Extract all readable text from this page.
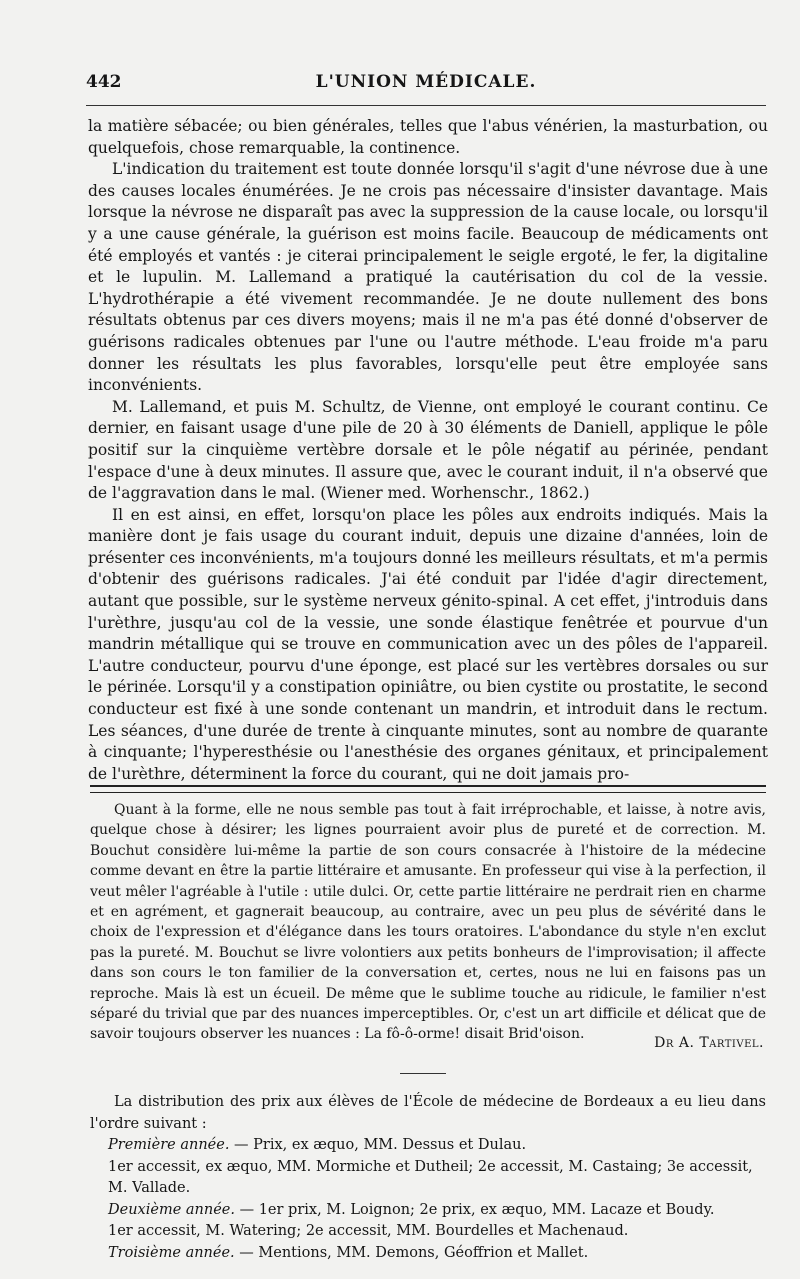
442	L'UNION MÉDICALE.

la matière sébacée; ou bien générales, telles que l'abus vénérien, la masturbation, ou quelquefois, chose remarquable, la continence.

L'indication du traitement est toute donnée lorsqu'il s'agit d'une névrose due à une des causes locales énumérées. Je ne crois pas nécessaire d'insister davantage. Mais lorsque la névrose ne disparaît pas avec la suppression de la cause locale, ou lorsqu'il y a une cause générale, la guérison est moins facile. Beaucoup de médicaments ont été employés et vantés : je citerai principalement le seigle ergoté, le fer, la digitaline et le lupulin. M. Lallemand a pratiqué la cautérisation du col de la vessie. L'hydrothérapie a été vivement recommandée. Je ne doute nullement des bons résultats obtenus par ces divers moyens; mais il ne m'a pas été donné d'observer de guérisons radicales obtenues par l'une ou l'autre méthode. L'eau froide m'a paru donner les résultats les plus favorables, lorsqu'elle peut être employée sans inconvénients.

M. Lallemand, et puis M. Schultz, de Vienne, ont employé le courant continu. Ce dernier, en faisant usage d'une pile de 20 à 30 éléments de Daniell, applique le pôle positif sur la cinquième vertèbre dorsale et le pôle négatif au périnée, pendant l'espace d'une à deux minutes. Il assure que, avec le courant induit, il n'a observé que de l'aggravation dans le mal. (Wiener med. Worhenschr., 1862.)

Il en est ainsi, en effet, lorsqu'on place les pôles aux endroits indiqués. Mais la manière dont je fais usage du courant induit, depuis une dizaine d'années, loin de présenter ces inconvénients, m'a toujours donné les meilleurs résultats, et m'a permis d'obtenir des guérisons radicales. J'ai été conduit par l'idée d'agir directement, autant que possible, sur le système nerveux génito-spinal. A cet effet, j'introduis dans l'urèthre, jusqu'au col de la vessie, une sonde élastique fenêtrée et pourvue d'un mandrin métallique qui se trouve en communication avec un des pôles de l'appareil. L'autre conducteur, pourvu d'une éponge, est placé sur les vertèbres dorsales ou sur le périnée. Lorsqu'il y a constipation opiniâtre, ou bien cystite ou prostatite, le second conducteur est fixé à une sonde contenant un mandrin, et introduit dans le rectum. Les séances, d'une durée de trente à cinquante minutes, sont au nombre de quarante à cinquante; l'hyperesthésie ou l'anesthésie des organes génitaux, et principalement de l'urèthre, déterminent la force du courant, qui ne doit jamais pro-

Quant à la forme, elle ne nous semble pas tout à fait irréprochable, et laisse, à notre avis, quelque chose à désirer; les lignes pourraient avoir plus de pureté et de correction. M. Bouchut considère lui-même la partie de son cours consacrée à l'histoire de la médecine comme devant en être la partie littéraire et amusante. En professeur qui vise à la perfection, il veut mêler l'agréable à l'utile : utile dulci. Or, cette partie littéraire ne perdrait rien en charme et en agrément, et gagnerait beaucoup, au contraire, avec un peu plus de sévérité dans le choix de l'expression et d'élégance dans les tours oratoires. L'abondance du style n'en exclut pas la pureté. M. Bouchut se livre volontiers aux petits bonheurs de l'improvisation; il affecte dans son cours le ton familier de la conversation et, certes, nous ne lui en faisons pas un reproche. Mais là est un écueil. De même que le sublime touche au ridicule, le familier n'est séparé du trivial que par des nuances imperceptibles. Or, c'est un art difficile et délicat que de savoir toujours observer les nuances : La fô-ô-orme! disait Brid'oison.

Dr A. Tartivel.

La distribution des prix aux élèves de l'École de médecine de Bordeaux a eu lieu dans l'ordre suivant :

Première année. — Prix, ex æquo, MM. Dessus et Dulau.

1er accessit, ex æquo, MM. Mormiche et Dutheil; 2e accessit, M. Castaing; 3e accessit, M. Vallade.

Deuxième année. — 1er prix, M. Loignon; 2e prix, ex æquo, MM. Lacaze et Boudy.

1er accessit, M. Watering; 2e accessit, MM. Bourdelles et Machenaud.

Troisième année. — Mentions, MM. Demons, Géoffrion et Mallet.
